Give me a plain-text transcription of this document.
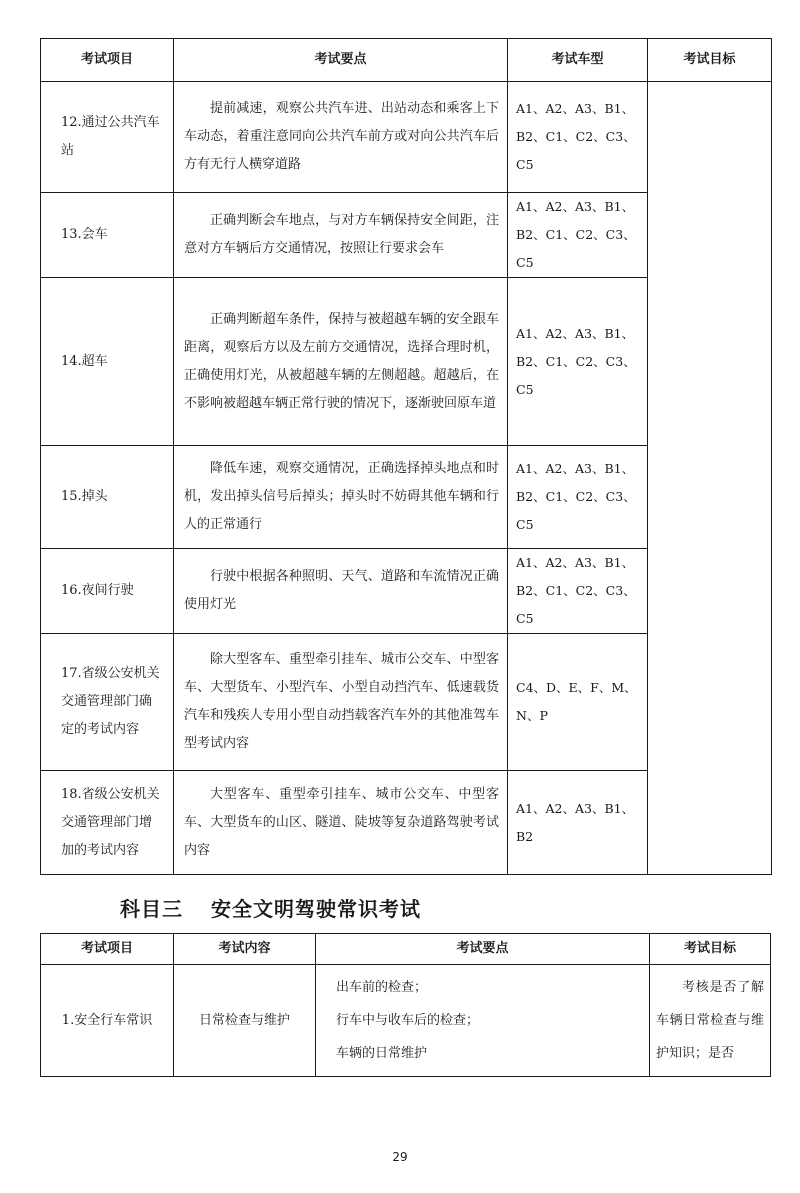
考试项目	考试要点	考试车型	考试目标
12.通过公共汽车站	提前减速，观察公共汽车进、出站动态和乘客上下车动态，着重注意同向公共汽车前方或对向公共汽车后方有无行人横穿道路	A1、A2、A3、B1、B2、C1、C2、C3、C5	
13.会车	正确判断会车地点，与对方车辆保持安全间距，注意对方车辆后方交通情况，按照让行要求会车	A1、A2、A3、B1、B2、C1、C2、C3、C5	
14.超车	正确判断超车条件，保持与被超越车辆的安全跟车距离，观察后方以及左前方交通情况，选择合理时机，正确使用灯光，从被超越车辆的左侧超越。超越后，在不影响被超越车辆正常行驶的情况下，逐渐驶回原车道	A1、A2、A3、B1、B2、C1、C2、C3、C5	
15.掉头	降低车速，观察交通情况，正确选择掉头地点和时机，发出掉头信号后掉头；掉头时不妨碍其他车辆和行人的正常通行	A1、A2、A3、B1、B2、C1、C2、C3、C5	
16.夜间行驶	行驶中根据各种照明、天气、道路和车流情况正确使用灯光	A1、A2、A3、B1、B2、C1、C2、C3、C5	
17.省级公安机关交通管理部门确定的考试内容	除大型客车、重型牵引挂车、城市公交车、中型客车、大型货车、小型汽车、小型自动挡汽车、低速载货汽车和残疾人专用小型自动挡载客汽车外的其他准驾车型考试内容	C4、D、E、F、M、N、P	
18.省级公安机关交通管理部门增加的考试内容	大型客车、重型牵引挂车、城市公交车、中型客车、大型货车的山区、隧道、陡坡等复杂道路驾驶考试内容	A1、A2、A3、B1、B2	
科目三 安全文明驾驶常识考试
考试项目	考试内容	考试要点	考试目标
1.安全行车常识	日常检查与维护	出车前的检查；
行车中与收车后的检查；
车辆的日常维护	考核是否了解车辆日常检查与维护知识；是否
29
